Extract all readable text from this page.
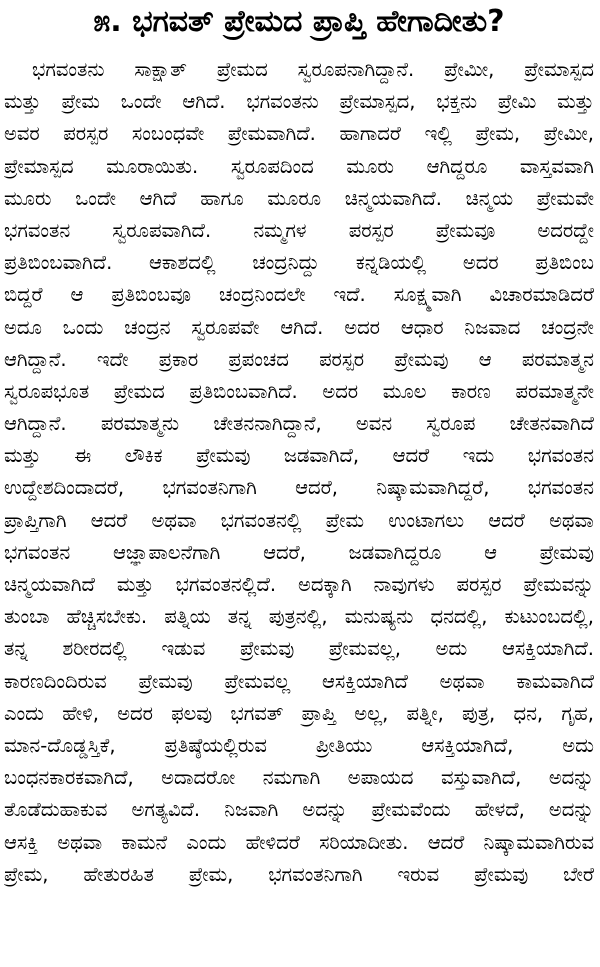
೫. ಭಗವತ್ ಪ್ರೇಮದ ಪ್ರಾಪ್ತಿ ಹೇಗಾದೀತು?
ಭಗವಂತನು ಸಾಕ್ಷಾತ್ ಪ್ರೇಮದ ಸ್ವರೂಪನಾಗಿದ್ದಾನೆ. ಪ್ರೇಮೀ, ಪ್ರೇಮಾಸ್ಪದ
ಮತ್ತು ಪ್ರೇಮ ಒಂದೇ ಆಗಿದೆ. ಭಗವಂತನು ಪ್ರೇಮಾಸ್ಪದ, ಭಕ್ತನು ಪ್ರೇಮಿ ಮತ್ತು
ಅವರ ಪರಸ್ಪರ ಸಂಬಂಧವೇ ಪ್ರೇಮವಾಗಿದೆ. ಹಾಗಾದರೆ ಇಲ್ಲಿ ಪ್ರೇಮ, ಪ್ರೇಮೀ,
ಪ್ರೇಮಾಸ್ಪದ ಮೂರಾಯಿತು. ಸ್ವರೂಪದಿಂದ ಮೂರು ಆಗಿದ್ದರೂ ವಾಸ್ತವವಾಗಿ
ಮೂರು ಒಂದೇ ಆಗಿದೆ ಹಾಗೂ ಮೂರೂ ಚಿನ್ಮಯವಾಗಿದೆ. ಚಿನ್ಮಯ ಪ್ರೇಮವೇ
ಭಗವಂತನ ಸ್ವರೂಪವಾಗಿದೆ. ನಮ್ಮಗಳ ಪರಸ್ಪರ ಪ್ರೇಮವೂ ಅದರದ್ದೇ
ಪ್ರತಿಬಿಂಬವಾಗಿದೆ. ಆಕಾಶದಲ್ಲಿ ಚಂದ್ರನಿದ್ದು ಕನ್ನಡಿಯಲ್ಲಿ ಅದರ ಪ್ರತಿಬಿಂಬ
ಬಿದ್ದರೆ ಆ ಪ್ರತಿಬಿಂಬವೂ ಚಂದ್ರನಿಂದಲೇ ಇದೆ. ಸೂಕ್ಷ್ಮವಾಗಿ ವಿಚಾರಮಾಡಿದರೆ
ಅದೂ ಒಂದು ಚಂದ್ರನ ಸ್ವರೂಪವೇ ಆಗಿದೆ. ಅದರ ಆಧಾರ ನಿಜವಾದ ಚಂದ್ರನೇ
ಆಗಿದ್ದಾನೆ. ಇದೇ ಪ್ರಕಾರ ಪ್ರಪಂಚದ ಪರಸ್ಪರ ಪ್ರೇಮವು ಆ ಪರಮಾತ್ಮನ
ಸ್ವರೂಪಭೂತ ಪ್ರೇಮದ ಪ್ರತಿಬಿಂಬವಾಗಿದೆ. ಅದರ ಮೂಲ ಕಾರಣ ಪರಮಾತ್ಮನೇ
ಆಗಿದ್ದಾನೆ. ಪರಮಾತ್ಮನು ಚೇತನನಾಗಿದ್ದಾನೆ, ಅವನ ಸ್ವರೂಪ ಚೇತನವಾಗಿದೆ
ಮತ್ತು ಈ ಲೌಕಿಕ ಪ್ರೇಮವು ಜಡವಾಗಿದೆ, ಆದರೆ ಇದು ಭಗವಂತನ
ಉದ್ದೇಶದಿಂದಾದರೆ, ಭಗವಂತನಿಗಾಗಿ ಆದರೆ, ನಿಷ್ಕಾಮವಾಗಿದ್ದರೆ, ಭಗವಂತನ
ಪ್ರಾಪ್ತಿಗಾಗಿ ಆದರೆ ಅಥವಾ ಭಗವಂತನಲ್ಲಿ ಪ್ರೇಮ ಉಂಟಾಗಲು ಆದರೆ ಅಥವಾ
ಭಗವಂತನ ಆಜ್ಞಾಪಾಲನೆಗಾಗಿ ಆದರೆ, ಜಡವಾಗಿದ್ದರೂ ಆ ಪ್ರೇಮವು
ಚಿನ್ಮಯವಾಗಿದೆ ಮತ್ತು ಭಗವಂತನಲ್ಲಿದೆ. ಅದಕ್ಕಾಗಿ ನಾವುಗಳು ಪರಸ್ಪರ ಪ್ರೇಮವನ್ನು
ತುಂಬಾ ಹೆಚ್ಚಿಸಬೇಕು. ಪತ್ನಿಯ ತನ್ನ ಪುತ್ರನಲ್ಲಿ, ಮನುಷ್ಯನು ಧನದಲ್ಲಿ, ಕುಟುಂಬದಲ್ಲಿ,
ತನ್ನ ಶರೀರದಲ್ಲಿ ಇಡುವ ಪ್ರೇಮವು ಪ್ರೇಮವಲ್ಲ, ಅದು ಆಸಕ್ತಿಯಾಗಿದೆ.
ಕಾರಣದಿಂದಿರುವ ಪ್ರೇಮವು ಪ್ರೇಮವಲ್ಲ ಆಸಕ್ತಿಯಾಗಿದೆ ಅಥವಾ ಕಾಮವಾಗಿದೆ
ಎಂದು ಹೇಳಿ, ಅದರ ಫಲವು ಭಗವತ್ ಪ್ರಾಪ್ತಿ ಅಲ್ಲ, ಪತ್ನೀ, ಪುತ್ರ, ಧನ, ಗೃಹ,
ಮಾನ-ದೊಡ್ಡಸ್ತಿಕೆ,	ಪ್ರತಿಷ್ಠೆಯಲ್ಲಿರುವ	ಪ್ರೀತಿಯು	ಆಸಕ್ತಿಯಾಗಿದೆ,	ಅದು
ಬಂಧನಕಾರಕವಾಗಿದೆ, ಅದಾದರೋ ನಮಗಾಗಿ ಅಪಾಯದ ವಸ್ತುವಾಗಿದೆ, ಅದನ್ನು
ತೊಡೆದುಹಾಕುವ ಅಗತ್ಯವಿದೆ. ನಿಜವಾಗಿ ಅದನ್ನು ಪ್ರೇಮವೆಂದು ಹೇಳದೆ, ಅದನ್ನು
ಆಸಕ್ತಿ ಅಥವಾ ಕಾಮನೆ ಎಂದು ಹೇಳಿದರೆ ಸರಿಯಾದೀತು. ಆದರೆ ನಿಷ್ಕಾಮವಾಗಿರುವ
ಪ್ರೇಮ, ಹೇತುರಹಿತ ಪ್ರೇಮ, ಭಗವಂತನಿಗಾಗಿ ಇರುವ ಪ್ರೇಮವು ಬೇರೆ
